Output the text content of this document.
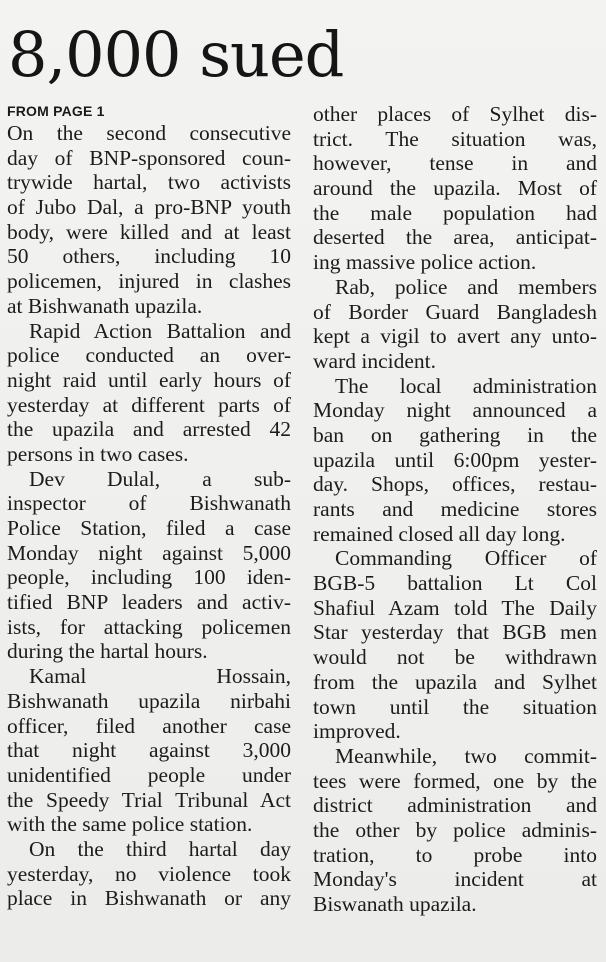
8,000 sued
FROM PAGE 1
On the second consecutive
day of BNP-sponsored coun-
trywide hartal, two activists
of Jubo Dal, a pro-BNP youth
body, were killed and at least
50 others, including 10
policemen, injured in clashes
at Bishwanath upazila.
Rapid Action Battalion and
police conducted an over-
night raid until early hours of
yesterday at different parts of
the upazila and arrested 42
persons in two cases.
Dev Dulal, a sub-
inspector of Bishwanath
Police Station, filed a case
Monday night against 5,000
people, including 100 iden-
tified BNP leaders and activ-
ists, for attacking policemen
during the hartal hours.
Kamal Hossain,
Bishwanath upazila nirbahi
officer, filed another case
that night against 3,000
unidentified people under
the Speedy Trial Tribunal Act
with the same police station.
On the third hartal day
yesterday, no violence took
place in Bishwanath or any
other places of Sylhet dis-
trict. The situation was,
however, tense in and
around the upazila. Most of
the male population had
deserted the area, anticipat-
ing massive police action.
Rab, police and members
of Border Guard Bangladesh
kept a vigil to avert any unto-
ward incident.
The local administration
Monday night announced a
ban on gathering in the
upazila until 6:00pm yester-
day. Shops, offices, restau-
rants and medicine stores
remained closed all day long.
Commanding Officer of
BGB-5 battalion Lt Col
Shafiul Azam told The Daily
Star yesterday that BGB men
would not be withdrawn
from the upazila and Sylhet
town until the situation
improved.
Meanwhile, two commit-
tees were formed, one by the
district administration and
the other by police adminis-
tration, to probe into
Monday's incident at
Biswanath upazila.
